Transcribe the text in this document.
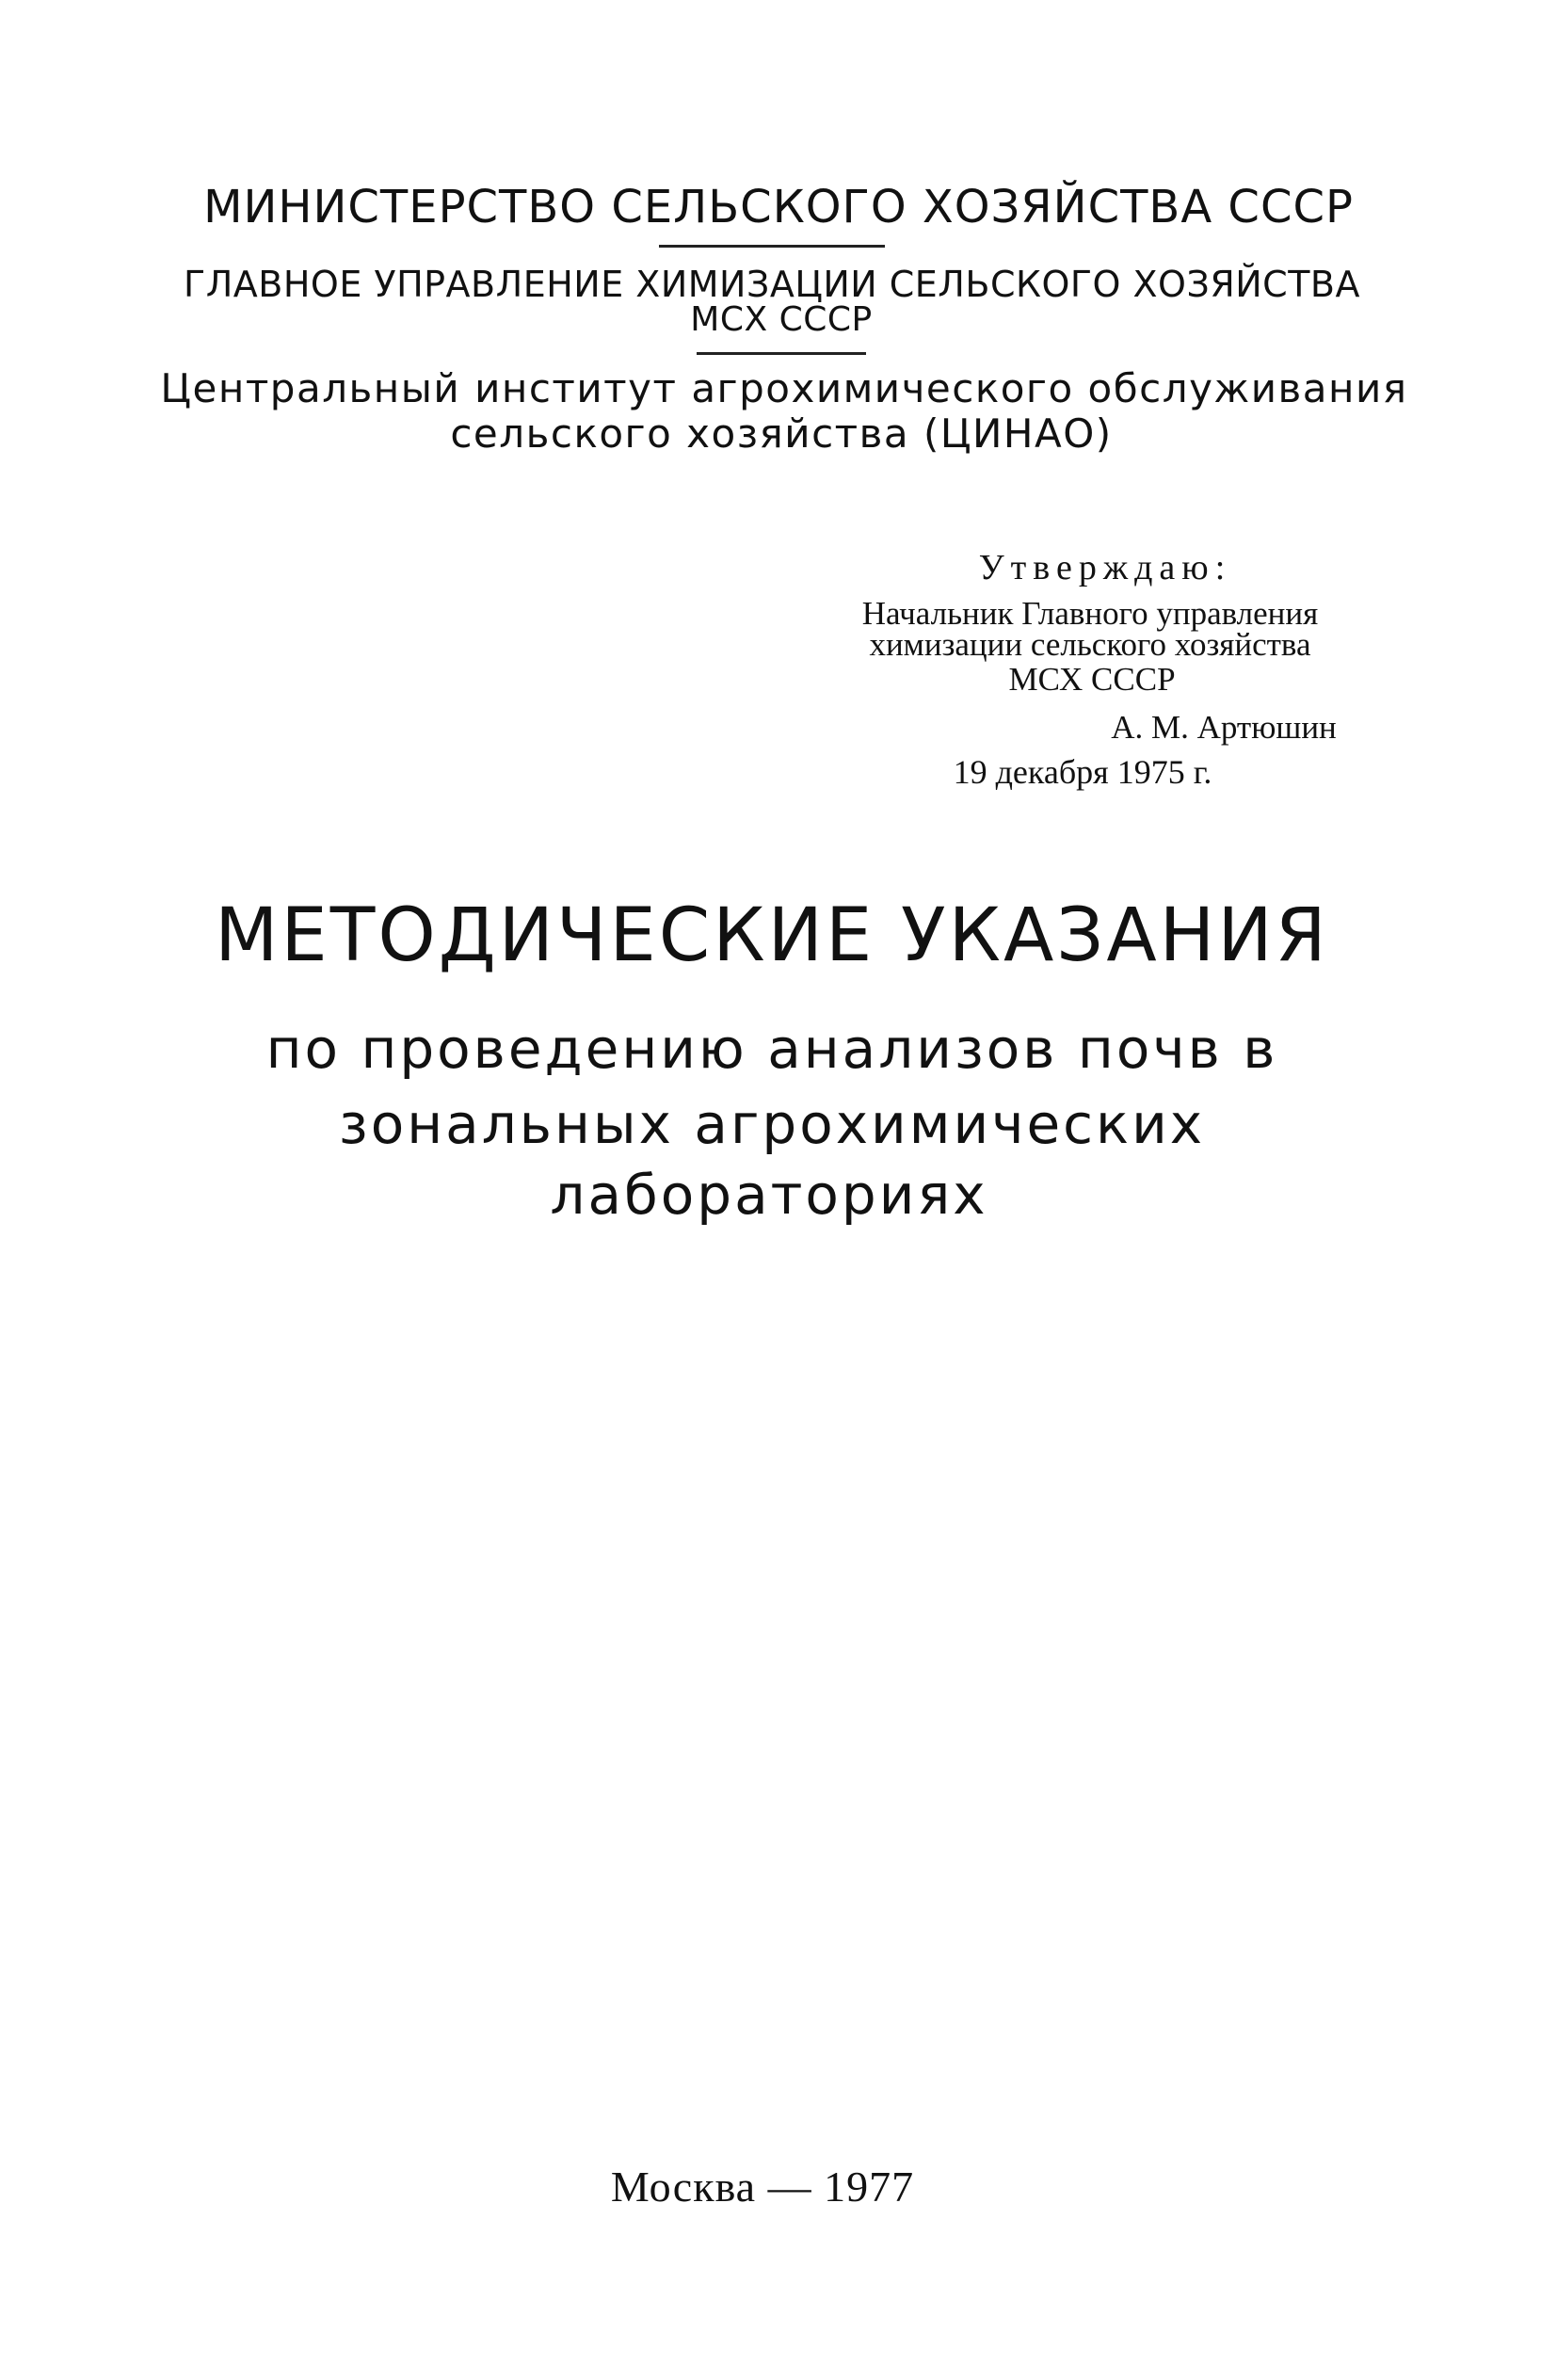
МИНИСТЕРСТВО СЕЛЬСКОГО ХОЗЯЙСТВА СССР
ГЛАВНОЕ УПРАВЛЕНИЕ ХИМИЗАЦИИ СЕЛЬСКОГО ХОЗЯЙСТВА
МСХ СССР
Центральный институт агрохимического обслуживания
сельского хозяйства (ЦИНАО)
Утверждаю:
Начальник Главного управления
химизации сельского хозяйства
МСХ СССР
А. М. Артюшин
19 декабря 1975 г.
МЕТОДИЧЕСКИЕ УКАЗАНИЯ
по проведению анализов почв в
зональных агрохимических
лабораториях
Москва — 1977
